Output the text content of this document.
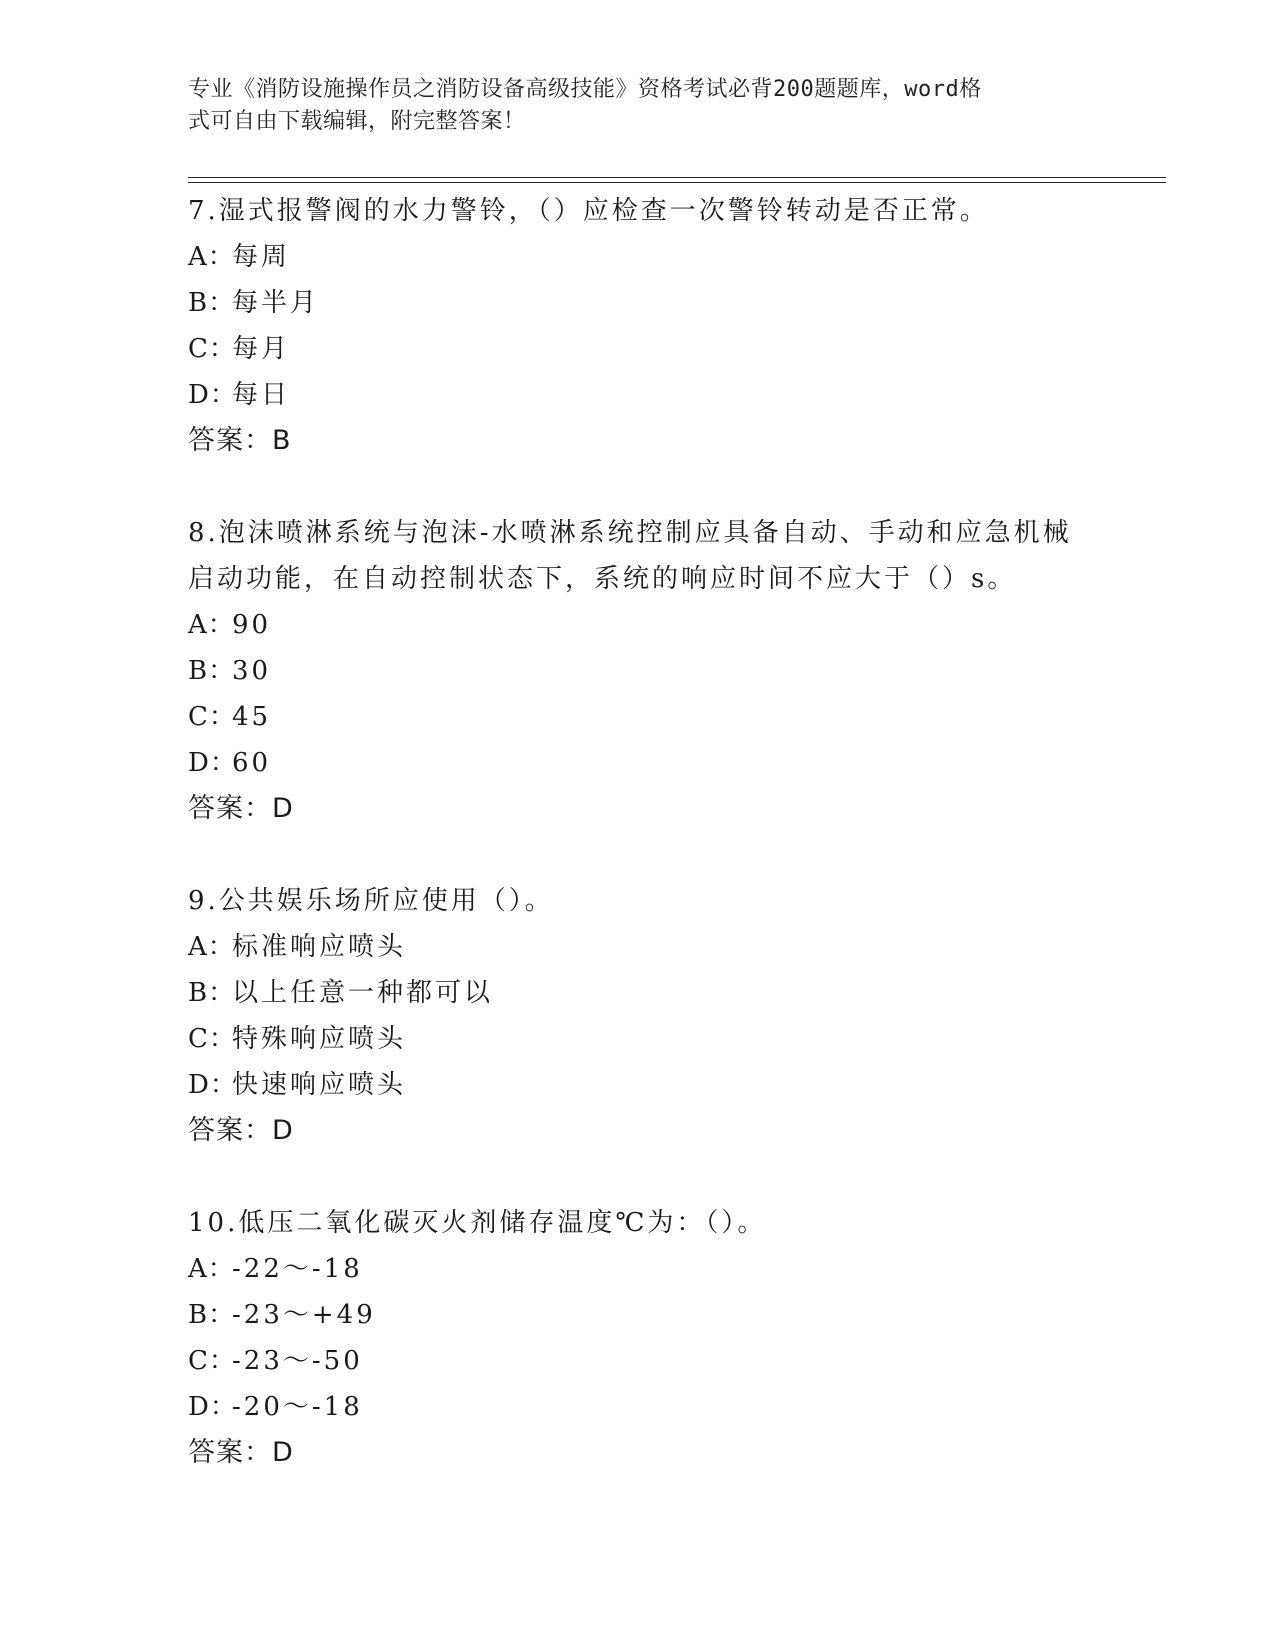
专业《消防设施操作员之消防设备高级技能》资格考试必背200题题库，word格
式可自由下载编辑，附完整答案！
7.湿式报警阀的水力警铃，（）应检查一次警铃转动是否正常。
A：每周
B：每半月
C：每月
D：每日
答案：B
8.泡沫喷淋系统与泡沫-水喷淋系统控制应具备自动、手动和应急机械
启动功能，在自动控制状态下，系统的响应时间不应大于（）s。
A：90
B：30
C：45
D：60
答案：D
9.公共娱乐场所应使用（）。
A：标准响应喷头
B：以上任意一种都可以
C：特殊响应喷头
D：快速响应喷头
答案：D
10.低压二氧化碳灭火剂储存温度℃为：（）。
A：-22～-18
B：-23～+49
C：-23～-50
D：-20～-18
答案：D
